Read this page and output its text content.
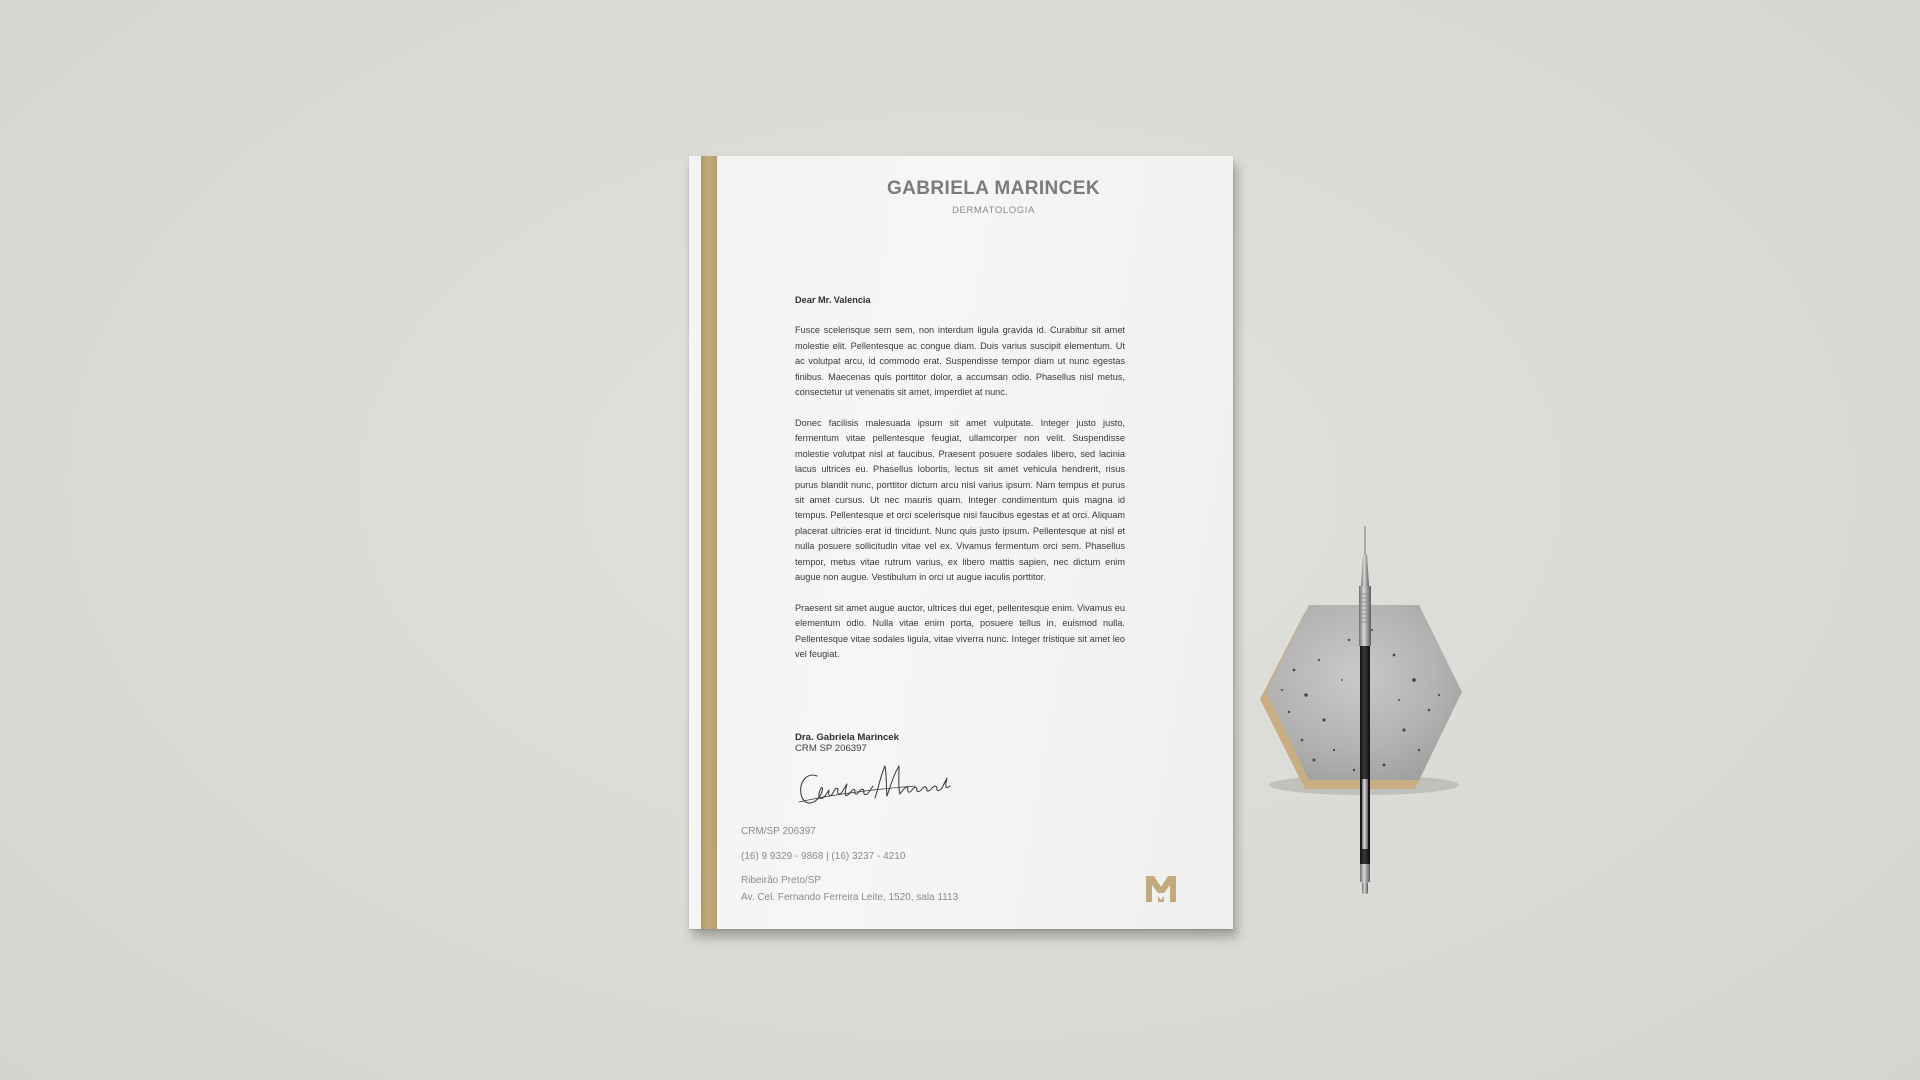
GABRIELA MARINCEK
DERMATOLOGIA

Dear Mr. Valencia

Fusce scelerisque sem sem, non interdum ligula gravida id. Curabitur sit amet molestie elit. Pellentesque ac congue diam. Duis varius suscipit elementum. Ut ac volutpat arcu, id commodo erat. Suspendisse tempor diam ut nunc egestas finibus. Maecenas quis porttitor dolor, a accumsan odio. Phasellus nisl metus, consectetur ut venenatis sit amet, imperdiet at nunc.

Donec facilisis malesuada ipsum sit amet vulputate. Integer justo justo, fermentum vitae pellentesque feugiat, ullamcorper non velit. Suspendisse molestie volutpat nisl at faucibus. Praesent posuere sodales libero, sed lacinia lacus ultrices eu. Phasellus lobortis, lectus sit amet vehicula hendrerit, risus purus blandit nunc, porttitor dictum arcu nisl varius ipsum. Nam tempus et purus sit amet cursus. Ut nec mauris quam. Integer condimentum quis magna id tempus. Pellentesque et orci scelerisque nisi faucibus egestas et at orci. Aliquam placerat ultricies erat id tincidunt. Nunc quis justo ipsum. Pellentesque at nisl et nulla posuere sollicitudin vitae vel ex. Vivamus fermentum orci sem. Phasellus tempor, metus vitae rutrum varius, ex libero mattis sapien, nec dictum enim augue non augue. Vestibulum in orci ut augue iaculis porttitor.

Praesent sit amet augue auctor, ultrices dui eget, pellentesque enim. Vivamus eu elementum odio. Nulla vitae enim porta, posuere tellus in, euismod nulla. Pellentesque vitae sodales ligula, vitae viverra nunc. Integer tristique sit amet leo vel feugiat.

Dra. Gabriela Marincek
CRM SP 206397
CRM/SP 206397
(16) 9 9329 - 9868 | (16) 3237 - 4210
Ribeirão Preto/SP
Av. Cel. Fernando Ferreira Leite, 1520, sala 1113
